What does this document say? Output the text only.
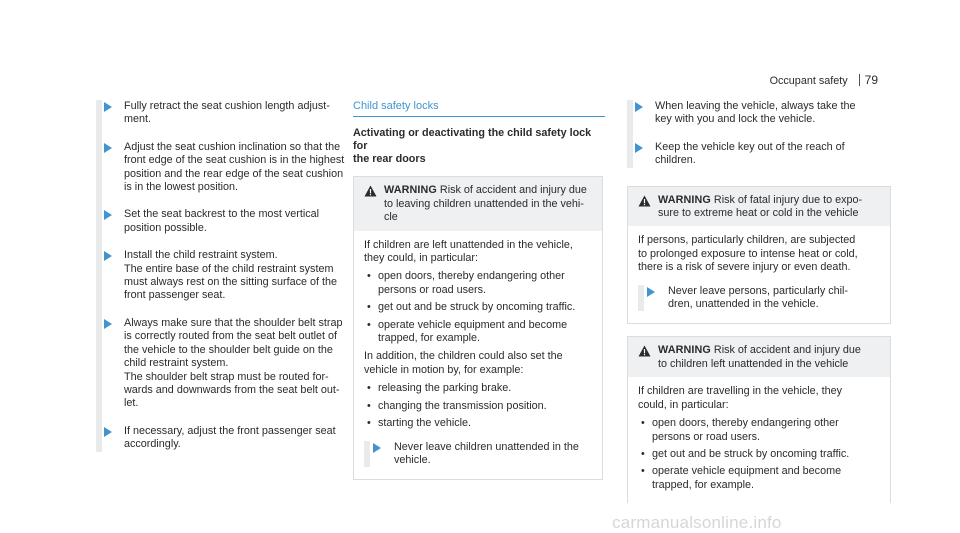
Occupant safety	79
Fully retract the seat cushion length adjust-
ment.
Adjust the seat cushion inclination so that the
front edge of the seat cushion is in the highest
position and the rear edge of the seat cushion
is in the lowest position.
Set the seat backrest to the most vertical
position possible.
Install the child restraint system.
The entire base of the child restraint system
must always rest on the sitting surface of the
front passenger seat.
Always make sure that the shoulder belt strap
is correctly routed from the seat belt outlet of
the vehicle to the shoulder belt guide on the
child restraint system.
The shoulder belt strap must be routed for-
wards and downwards from the seat belt out-
let.
If necessary, adjust the front passenger seat
accordingly.
Child safety locks
Activating or deactivating the child safety lock for
the rear doors
WARNING Risk of accident and injury due
to leaving children unattended in the vehi-
cle
If children are left unattended in the vehicle,
they could, in particular:
• open doors, thereby endangering other
persons or road users.
• get out and be struck by oncoming traffic.
• operate vehicle equipment and become
trapped, for example.
In addition, the children could also set the
vehicle in motion by, for example:
• releasing the parking brake.
• changing the transmission position.
• starting the vehicle.
Never leave children unattended in the
vehicle.
When leaving the vehicle, always take the
key with you and lock the vehicle.
Keep the vehicle key out of the reach of
children.
WARNING Risk of fatal injury due to expo-
sure to extreme heat or cold in the vehicle
If persons, particularly children, are subjected
to prolonged exposure to intense heat or cold,
there is a risk of severe injury or even death.
Never leave persons, particularly chil-
dren, unattended in the vehicle.
WARNING Risk of accident and injury due
to children left unattended in the vehicle
If children are travelling in the vehicle, they
could, in particular:
• open doors, thereby endangering other
persons or road users.
• get out and be struck by oncoming traffic.
• operate vehicle equipment and become
trapped, for example.
carmanualsonline.info
